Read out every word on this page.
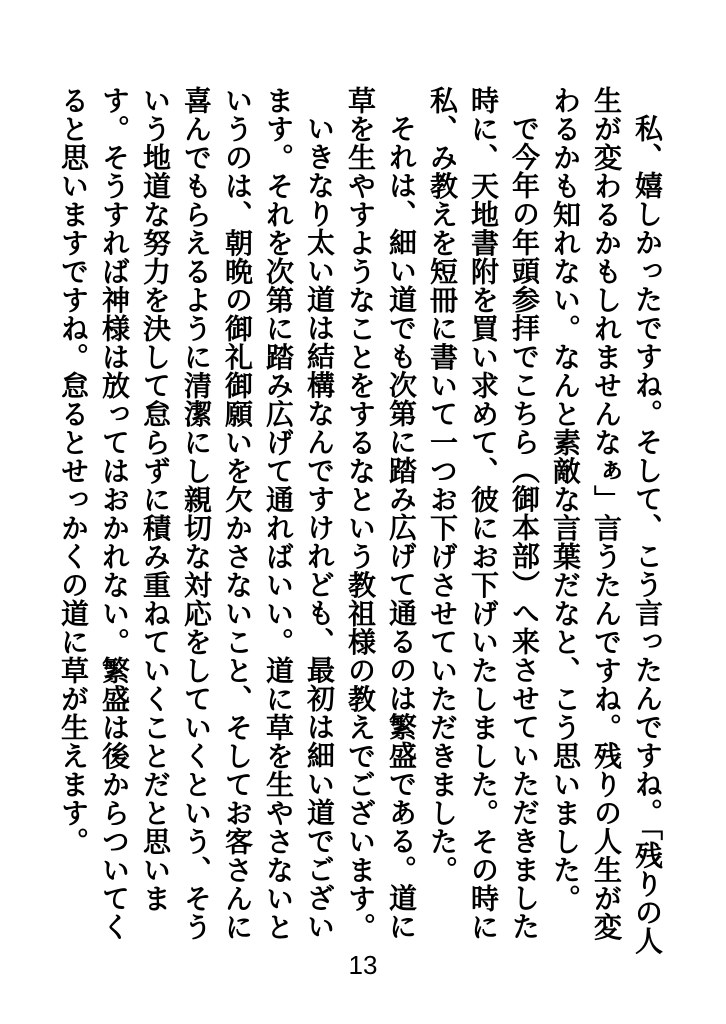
私、嬉しかったですね。そして、こう言ったんですね。「残りの人生が変わるかもしれませんなぁ」言うたんですね。残りの人生が変わるかも知れない。なんと素敵な言葉だなと、こう思いました。

で今年の年頭参拝でこちら（御本部）へ来させていただきました時に、天地書附を買い求めて、彼にお下げいたしました。その時に私、み教えを短冊に書いて一つお下げさせていただきました。

それは、細い道でも次第に踏み広げて通るのは繁盛である。道に草を生やすようなことをするなという教祖様の教えでございます。

いきなり太い道は結構なんですけれども、最初は細い道でございます。それを次第に踏み広げて通ればいい。道に草を生やさないというのは、朝晩の御礼御願いを欠かさないこと、そしてお客さんに喜んでもらえるように清潔にし親切な対応をしていくという、そういう地道な努力を決して怠らずに積み重ねていくことだと思います。そうすれば神様は放ってはおかれない。繁盛は後からついてくると思いますですね。怠るとせっかくの道に草が生えます。

13
